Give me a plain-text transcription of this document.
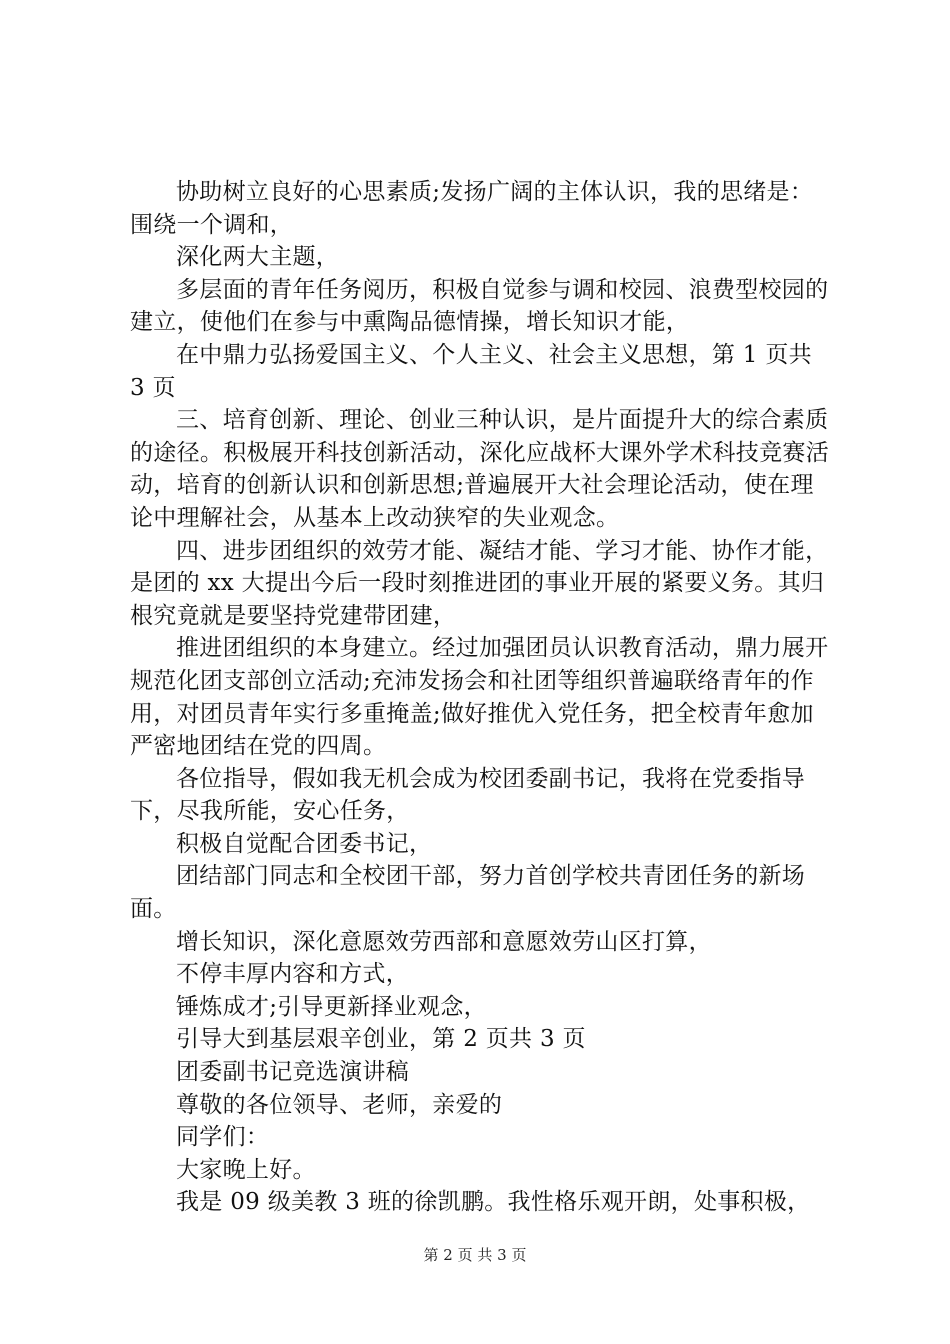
协助树立良好的心思素质;发扬广阔的主体认识，我的思绪是：围绕一个调和，

深化两大主题，

多层面的青年任务阅历，积极自觉参与调和校园、浪费型校园的建立，使他们在参与中熏陶品德情操，增长知识才能，

在中鼎力弘扬爱国主义、个人主义、社会主义思想，第 1 页共 3 页

三、培育创新、理论、创业三种认识，是片面提升大的综合素质的途径。积极展开科技创新活动，深化应战杯大课外学术科技竞赛活动，培育的创新认识和创新思想;普遍展开大社会理论活动，使在理论中理解社会，从基本上改动狭窄的失业观念。

四、进步团组织的效劳才能、凝结才能、学习才能、协作才能，是团的 xx 大提出今后一段时刻推进团的事业开展的紧要义务。其归根究竟就是要坚持党建带团建，

推进团组织的本身建立。经过加强团员认识教育活动，鼎力展开规范化团支部创立活动;充沛发扬会和社团等组织普遍联络青年的作用，对团员青年实行多重掩盖;做好推优入党任务，把全校青年愈加严密地团结在党的四周。

各位指导，假如我无机会成为校团委副书记，我将在党委指导下，尽我所能，安心任务，

积极自觉配合团委书记，

团结部门同志和全校团干部，努力首创学校共青团任务的新场面。

增长知识，深化意愿效劳西部和意愿效劳山区打算，

不停丰厚内容和方式，

锤炼成才;引导更新择业观念，

引导大到基层艰辛创业，第 2 页共 3 页

团委副书记竞选演讲稿

尊敬的各位领导、老师，亲爱的

同学们：

大家晚上好。

我是 09 级美教 3 班的徐凯鹏。我性格乐观开朗，处事积极，

第 2 页 共 3 页
